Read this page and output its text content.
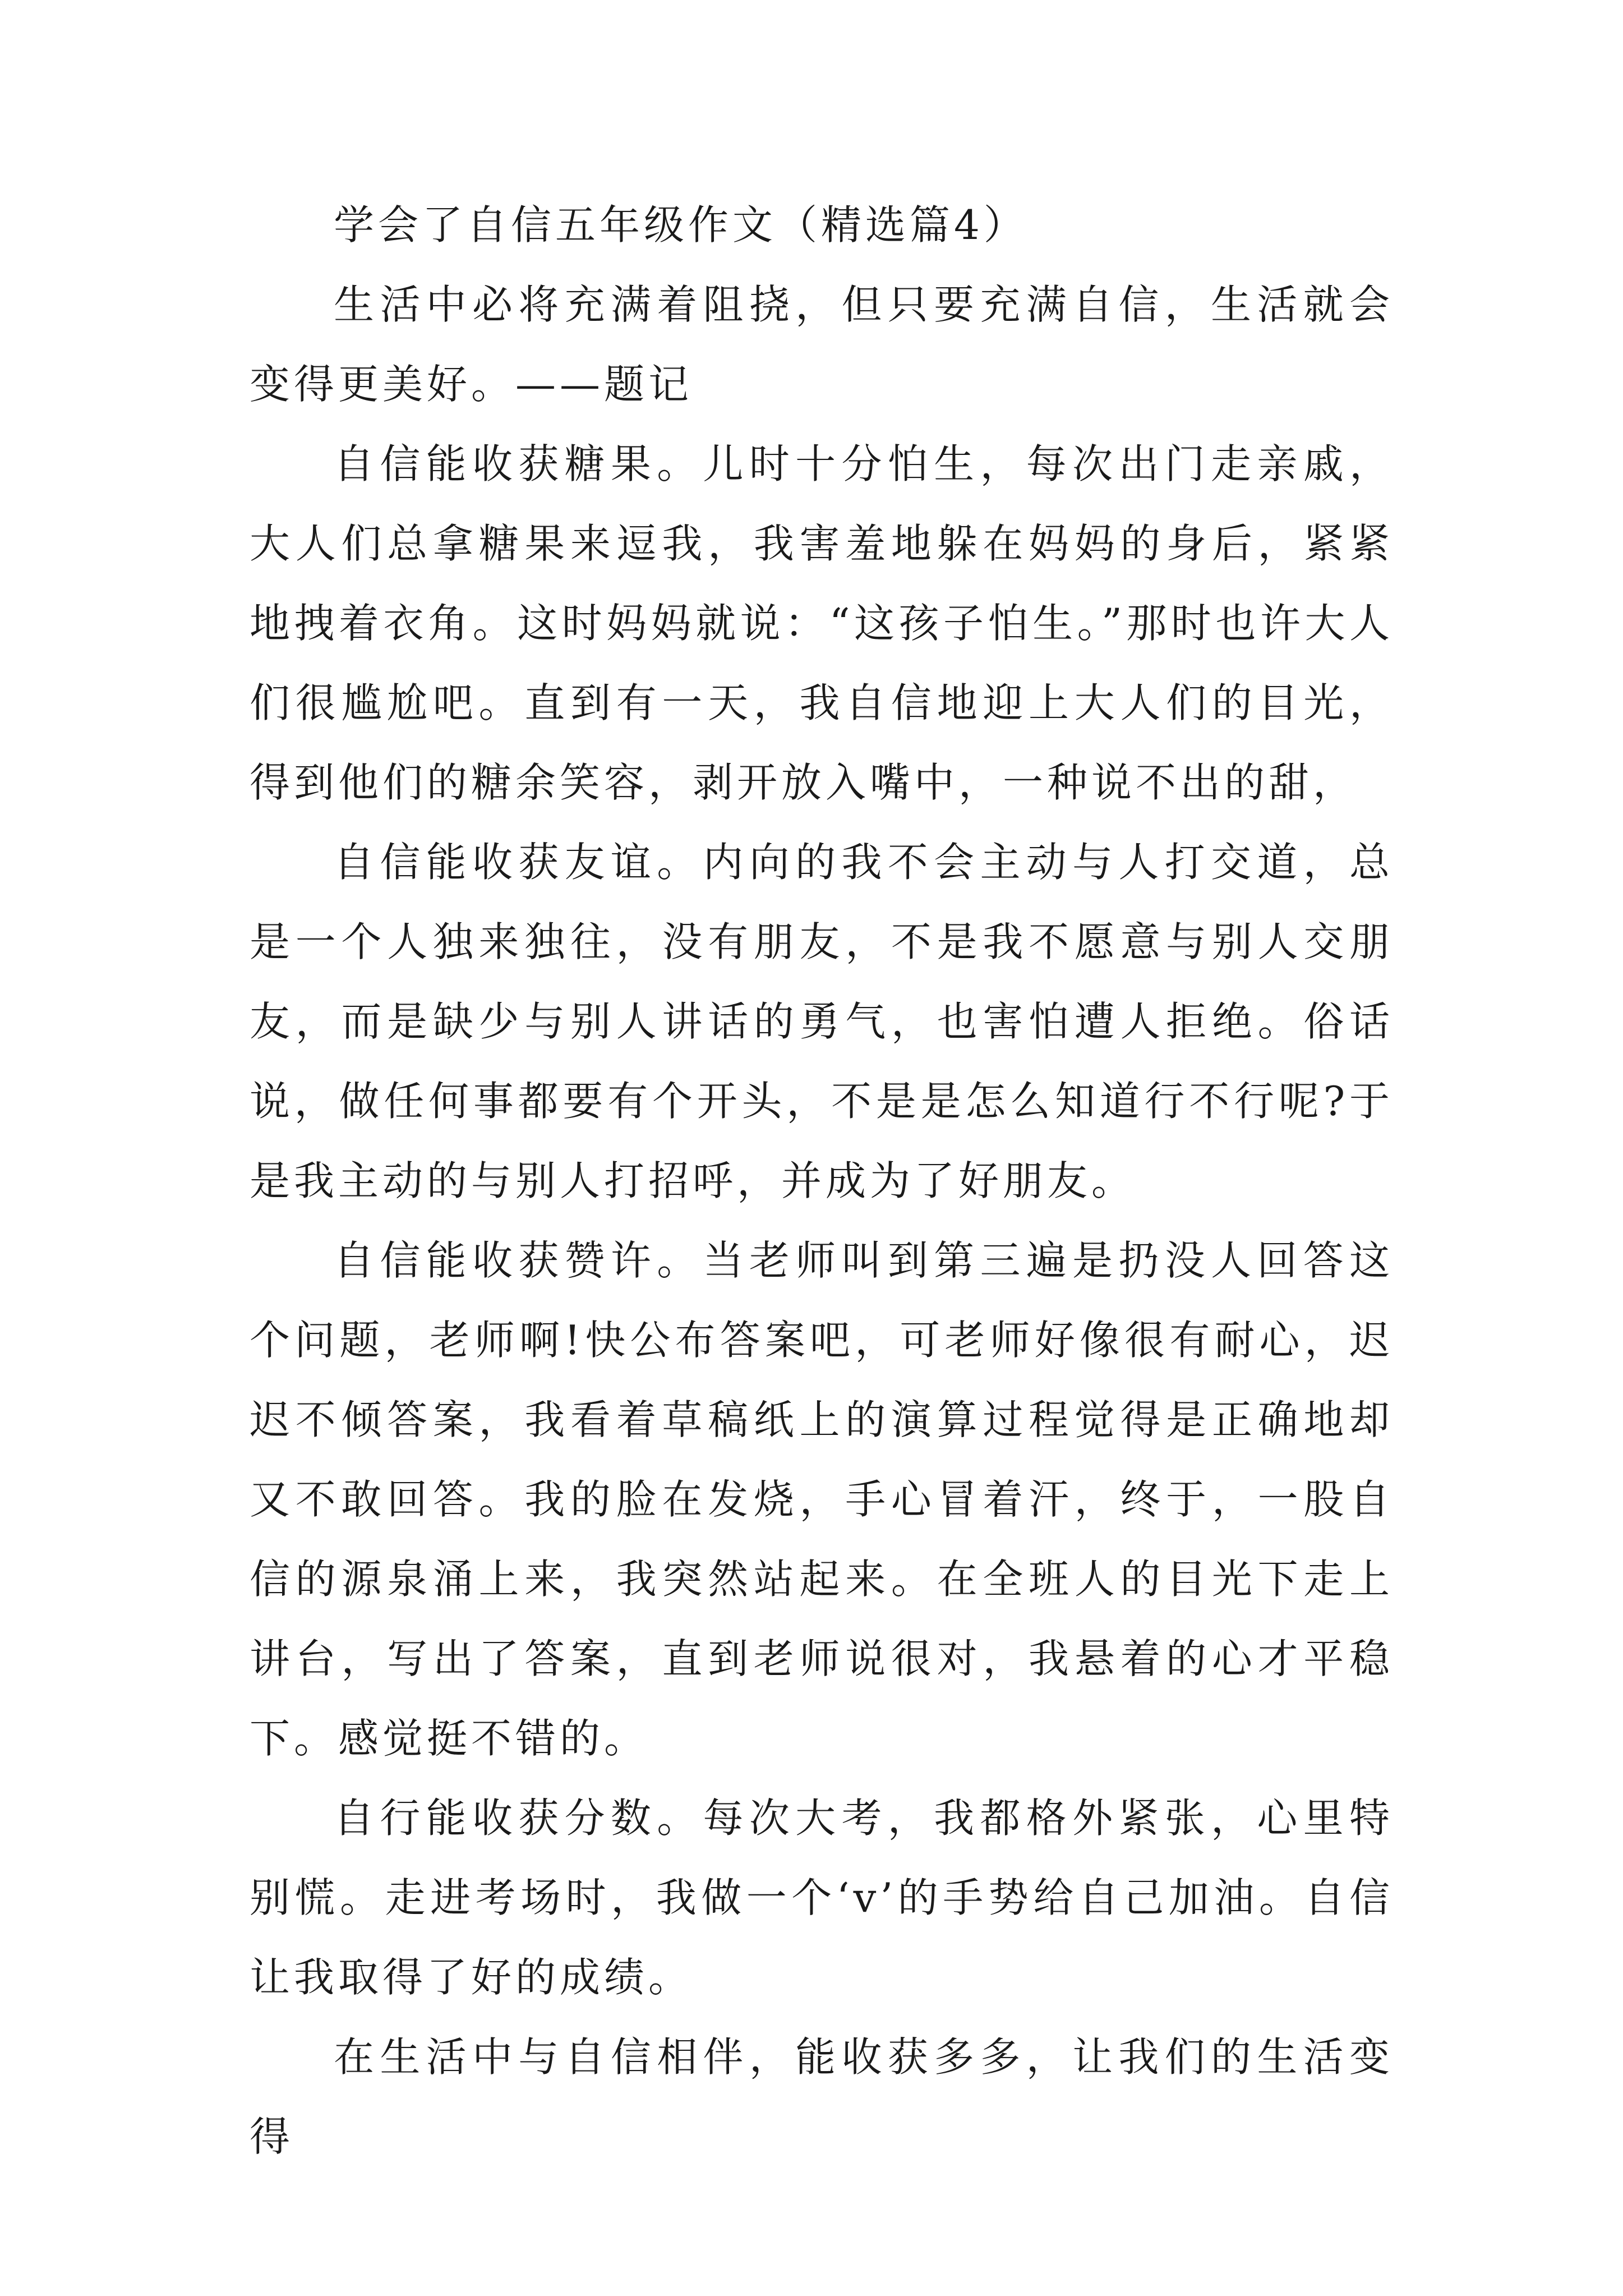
学会了自信五年级作文（精选篇4）

生活中必将充满着阻挠，但只要充满自信，生活就会变得更美好。——题记

自信能收获糖果。儿时十分怕生，每次出门走亲戚，大人们总拿糖果来逗我，我害羞地躲在妈妈的身后，紧紧地拽着衣角。这时妈妈就说：“这孩子怕生。”那时也许大人们很尴尬吧。直到有一天，我自信地迎上大人们的目光，得到他们的糖余笑容，剥开放入嘴中，一种说不出的甜，

自信能收获友谊。内向的我不会主动与人打交道，总是一个人独来独往，没有朋友，不是我不愿意与别人交朋友，而是缺少与别人讲话的勇气，也害怕遭人拒绝。俗话说，做任何事都要有个开头，不是是怎么知道行不行呢?于是我主动的与别人打招呼，并成为了好朋友。

自信能收获赞许。当老师叫到第三遍是扔没人回答这个问题，老师啊!快公布答案吧，可老师好像很有耐心，迟迟不倾答案，我看着草稿纸上的演算过程觉得是正确地却又不敢回答。我的脸在发烧，手心冒着汗，终于，一股自信的源泉涌上来，我突然站起来。在全班人的目光下走上讲台，写出了答案，直到老师说很对，我悬着的心才平稳下。感觉挺不错的。

自行能收获分数。每次大考，我都格外紧张，心里特别慌。走进考场时，我做一个‘v’的手势给自己加油。自信让我取得了好的成绩。

在生活中与自信相伴，能收获多多，让我们的生活变得
